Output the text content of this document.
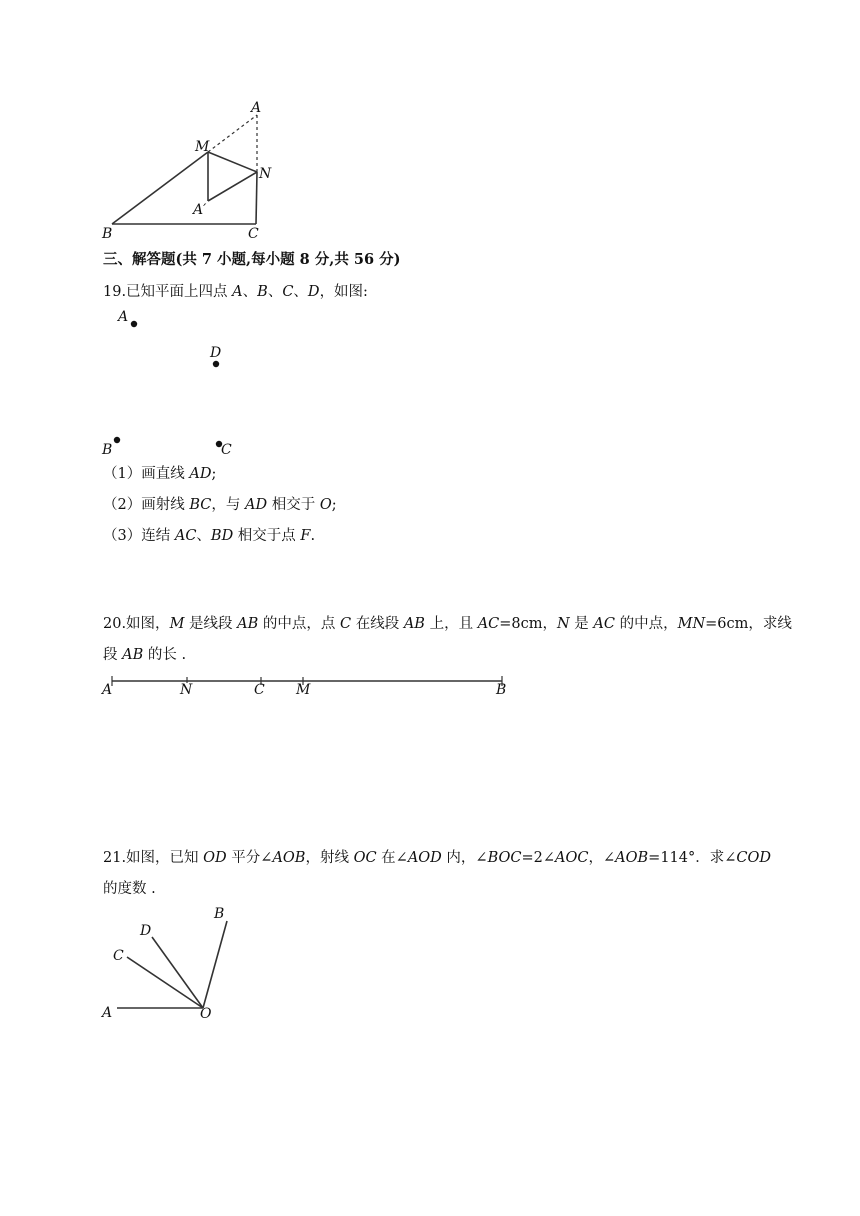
A
M
N
A′
B	C
三、解答题(共 7 小题,每小题 8 分,共 56 分)
19.已知平面上四点 A、B、C、D，如图:
A
D
B	C
（1）画直线 AD;
（2）画射线 BC，与 AD 相交于 O;
（3）连结 AC、BD 相交于点 F.
20.如图，M 是线段 AB 的中点，点 C 在线段 AB 上，且 AC=8cm，N 是 AC 的中点，MN=6cm，求线
段 AB 的长 .
A	N	C M	B
21.如图，已知 OD 平分∠AOB，射线 OC 在∠AOD 内，∠BOC=2∠AOC，∠AOB=114°．求∠COD
的度数 .
A	O
B
D
C
